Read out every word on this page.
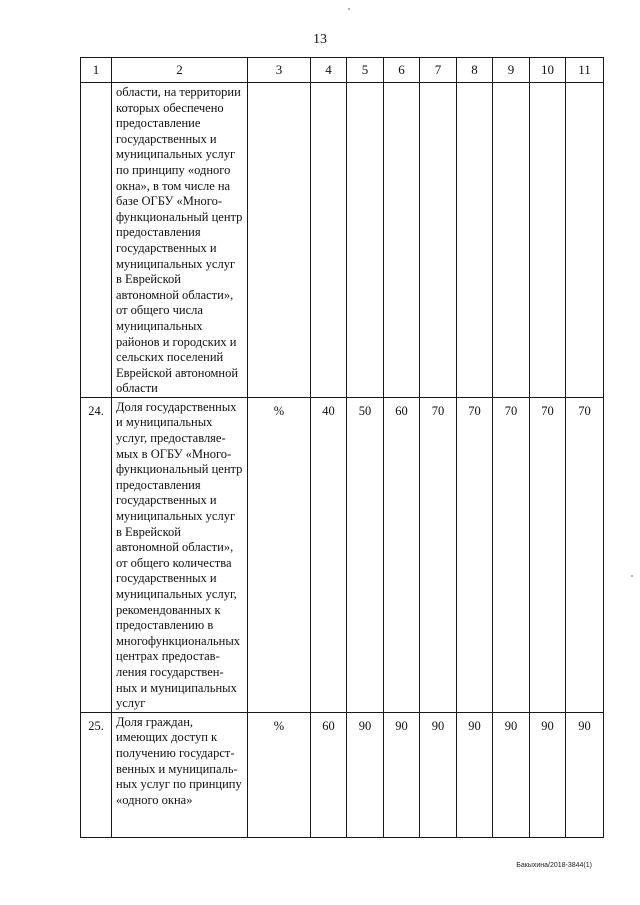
13
1	2	3	4	5	6	7	8	9	10	11
	области, на территории которых обеспечено предоставление государственных и муниципальных услуг по принципу «одного окна», в том числе на базе ОГБУ «Много-функциональный центр предоставления государственных и муниципальных услуг в Еврейской автономной области», от общего числа муниципальных районов и городских и сельских поселений Еврейской автономной области									
24.	Доля государственных и муниципальных услуг, предоставляе-мых в ОГБУ «Много-функциональный центр предоставления государственных и муниципальных услуг в Еврейской автономной области», от общего количества государственных и муниципальных услуг, рекомендованных к предоставлению в многофункциональных центрах предостав-ления государствен-ных и муниципальных услуг	%	40	50	60	70	70	70	70	70
25.	Доля граждан, имеющих доступ к получению государст-венных и муниципаль-ных услуг по принципу «одного окна»	%	60	90	90	90	90	90	90	90
Бакыхина/2018-3844(1)
